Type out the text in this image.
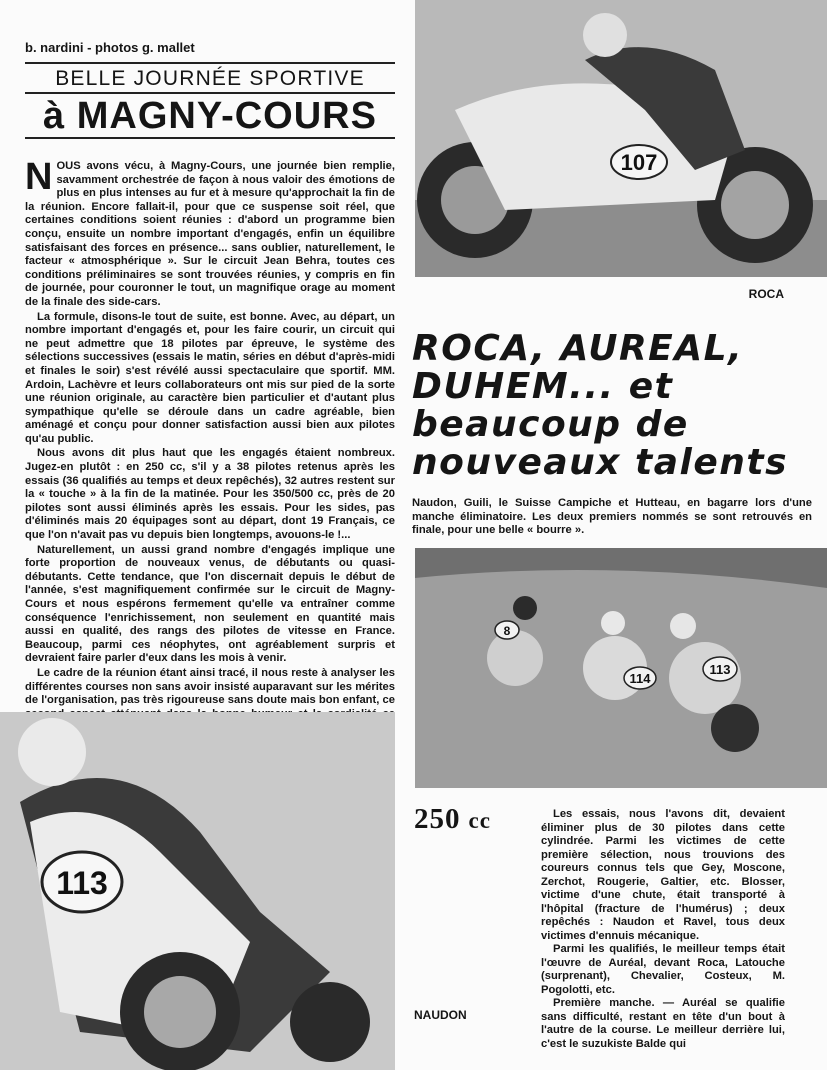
b. nardini - photos g. mallet
BELLE JOURNÉE SPORTIVE
à MAGNY-COURS

NOUS avons vécu, à Magny-Cours, une journée bien remplie, savamment orchestrée de façon à nous valoir des émotions de plus en plus intenses au fur et à mesure qu'approchait la fin de la réunion. Encore fallait-il, pour que ce suspense soit réel, que certaines conditions soient réunies : d'abord un programme bien conçu, ensuite un nombre important d'engagés, enfin un équilibre satisfaisant des forces en présence... sans oublier, naturellement, le facteur « atmosphérique ». Sur le circuit Jean Behra, toutes ces conditions préliminaires se sont trouvées réunies, y compris en fin de journée, pour couronner le tout, un magnifique orage au moment de la finale des side-cars.

La formule, disons-le tout de suite, est bonne. Avec, au départ, un nombre important d'engagés et, pour les faire courir, un circuit qui ne peut admettre que 18 pilotes par épreuve, le système des sélections successives (essais le matin, séries en début d'après-midi et finales le soir) s'est révélé aussi spectaculaire que sportif. MM. Ardoin, Lachèvre et leurs collaborateurs ont mis sur pied de la sorte une réunion originale, au caractère bien particulier et d'autant plus sympathique qu'elle se déroule dans un cadre agréable, bien aménagé et conçu pour donner satisfaction aussi bien aux pilotes qu'au public.

Nous avons dit plus haut que les engagés étaient nombreux. Jugez-en plutôt : en 250 cc, s'il y a 38 pilotes retenus après les essais (36 qualifiés au temps et deux repêchés), 32 autres restent sur la « touche » à la fin de la matinée. Pour les 350/500 cc, près de 20 pilotes sont aussi éliminés après les essais. Pour les sides, pas d'éliminés mais 20 équipages sont au départ, dont 19 Français, ce que l'on n'avait pas vu depuis bien longtemps, avouons-le !...

Naturellement, un aussi grand nombre d'engagés implique une forte proportion de nouveaux venus, de débutants ou quasi-débutants. Cette tendance, que l'on discernait depuis le début de l'année, s'est magnifiquement confirmée sur le circuit de Magny-Cours et nous espérons fermement qu'elle va entraîner comme conséquence l'enrichissement, non seulement en quantité mais aussi en qualité, des rangs des pilotes de vitesse en France. Beaucoup, parmi ces néophytes, ont agréablement surpris et devraient faire parler d'eux dans les mois à venir.

Le cadre de la réunion étant ainsi tracé, il nous reste à analyser les différentes courses non sans avoir insisté auparavant sur les mérites de l'organisation, pas très rigoureuse sans doute mais bon enfant, ce

107
ROCA
ROCA, AUREAL,
DUHEM... et
beaucoup de
nouveaux talents
Naudon, Guili, le Suisse Campiche et Hutteau, en bagarre lors d'une manche éliminatoire. Les deux premiers nommés se sont retrouvés en finale, pour une belle « bourre ».
8
114
113
113
250 cc
NAUDON

Les essais, nous l'avons dit, devaient éliminer plus de 30 pilotes dans cette cylindrée. Parmi les victimes de cette première sélection, nous trouvions des coureurs connus tels que Gey, Moscone, Zerchot, Rougerie, Galtier, etc. Blosser, victime d'une chute, était transporté à l'hôpital (fracture de l'humérus) ; deux repêchés : Naudon et Ravel, tous deux victimes d'ennuis mécanique.

Parmi les qualifiés, le meilleur temps était l'œuvre de Auréal, devant Roca, Latouche (surprenant), Chevalier, Costeux, M. Pogolotti, etc.

Première manche. — Auréal se qualifie sans difficulté, restant en tête d'un bout à l'autre de la course. Le meilleur derrière lui, c'est le suzukiste Balde qui
